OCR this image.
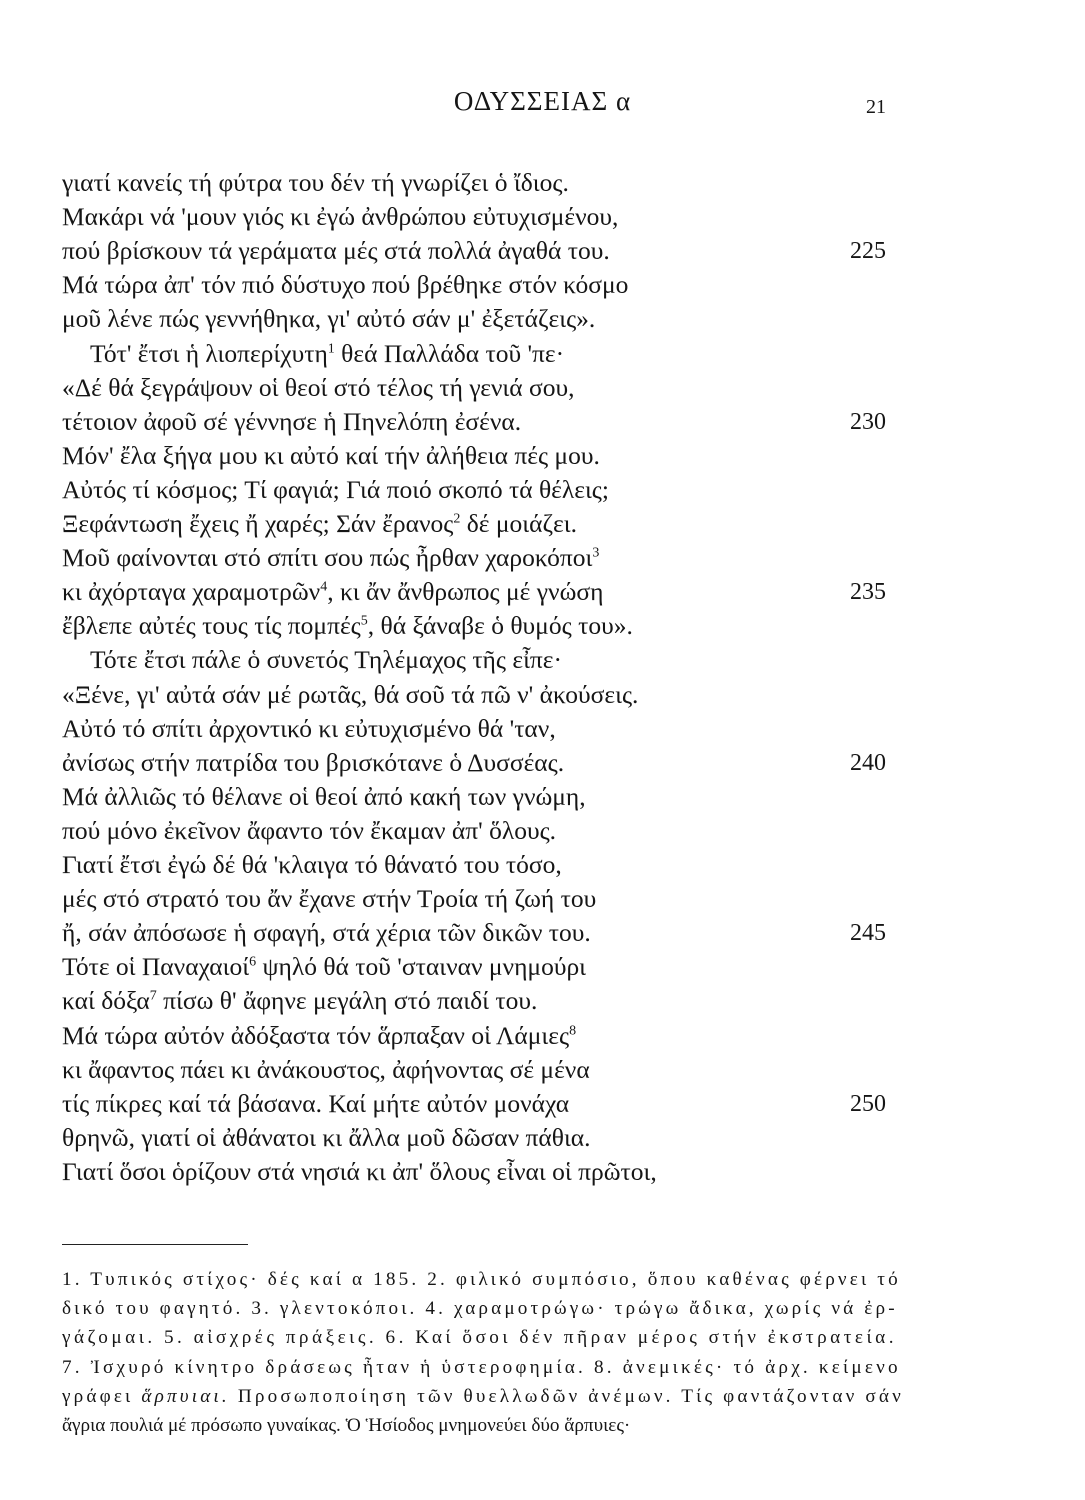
ΟΔΥΣΣΕΙΑΣ α	21
γιατί κανείς τή φύτρα του δέν τή γνωρίζει ὁ ἴδιος.
Μακάρι νά 'μουν γιός κι ἐγώ ἀνθρώπου εὐτυχισμένου,
πού βρίσκουν τά γεράματα μές στά πολλά ἀγαθά του.	225
Μά τώρα ἀπ' τόν πιό δύστυχο πού βρέθηκε στόν κόσμο
μοῦ λένε πώς γεννήθηκα, γι' αὐτό σάν μ' ἐξετάζεις».
Τότ' ἔτσι ἡ λιοπερίχυτη$^1$ θεά Παλλάδα τοῦ 'πε·
«Δέ θά ξεγράψουν οἱ θεοί στό τέλος τή γενιά σου,
τέτοιον ἀφοῦ σέ γέννησε ἡ Πηνελόπη ἐσένα.	230
Μόν' ἔλα ξήγα μου κι αὐτό καί τήν ἀλήθεια πές μου.
Αὐτός τί κόσμος; Τί φαγιά; Γιά ποιό σκοπό τά θέλεις;
Ξεφάντωση ἔχεις ἤ χαρές; Σάν ἔρανος$^2$ δέ μοιάζει.
Μοῦ φαίνονται στό σπίτι σου πώς ἦρθαν χαροκόποι$^3$
κι ἀχόρταγα χαραμοτρῶν$^4$, κι ἄν ἄνθρωπος μέ γνώση	235
ἔβλεπε αὐτές τους τίς πομπές$^5$, θά ξάναβε ὁ θυμός του».
Τότε ἔτσι πάλε ὁ συνετός Τηλέμαχος τῆς εἶπε·
«Ξένε, γι' αὐτά σάν μέ ρωτᾶς, θά σοῦ τά πῶ ν' ἀκούσεις.
Αὐτό τό σπίτι ἀρχοντικό κι εὐτυχισμένο θά 'ταν,
ἀνίσως στήν πατρίδα του βρισκότανε ὁ Δυσσέας.	240
Μά ἀλλιῶς τό θέλανε οἱ θεοί ἀπό κακή των γνώμη,
πού μόνο ἐκεῖνον ἄφαντο τόν ἔκαμαν ἀπ' ὅλους.
Γιατί ἔτσι ἐγώ δέ θά 'κλαιγα τό θάνατό του τόσο,
μές στό στρατό του ἄν ἔχανε στήν Τροία τή ζωή του
ἤ, σάν ἀπόσωσε ἡ σφαγή, στά χέρια τῶν δικῶν του.	245
Τότε οἱ Παναχαιοί$^6$ ψηλό θά τοῦ 'σταιναν μνημούρι
καί δόξα$^7$ πίσω θ' ἄφηνε μεγάλη στό παιδί του.
Μά τώρα αὐτόν ἀδόξαστα τόν ἅρπαξαν οἱ Λάμιες$^8$
κι ἄφαντος πάει κι ἀνάκουστος, ἀφήνοντας σέ μένα
τίς πίκρες καί τά βάσανα. Καί μήτε αὐτόν μονάχα	250
θρηνῶ, γιατί οἱ ἀθάνατοι κι ἄλλα μοῦ δῶσαν πάθια.
Γιατί ὅσοι ὁρίζουν στά νησιά κι ἀπ' ὅλους εἶναι οἱ πρῶτοι,
1. Τυπικός στίχος· δές καί α 185. 2. φιλικό συμπόσιο, ὅπου καθένας φέρνει τό
δικό του φαγητό. 3. γλεντοκόποι. 4. χαραμοτρώγω· τρώγω ἄδικα, χωρίς νά ἐρ-
γάζομαι. 5. αἰσχρές πράξεις. 6. Καί ὅσοι δέν πῆραν μέρος στήν ἐκστρατεία.
7. Ἰσχυρό κίνητρο δράσεως ἦταν ἡ ὑστεροφημία. 8. ἀνεμικές· τό ἀρχ. κείμενο
γράφει ἅρπυιαι. Προσωποποίηση τῶν θυελλωδῶν ἀνέμων. Τίς φαντάζονταν σάν
ἄγρια πουλιά μέ πρόσωπο γυναίκας. Ὁ Ἡσίοδος μνημονεύει δύο ἅρπυιες·
